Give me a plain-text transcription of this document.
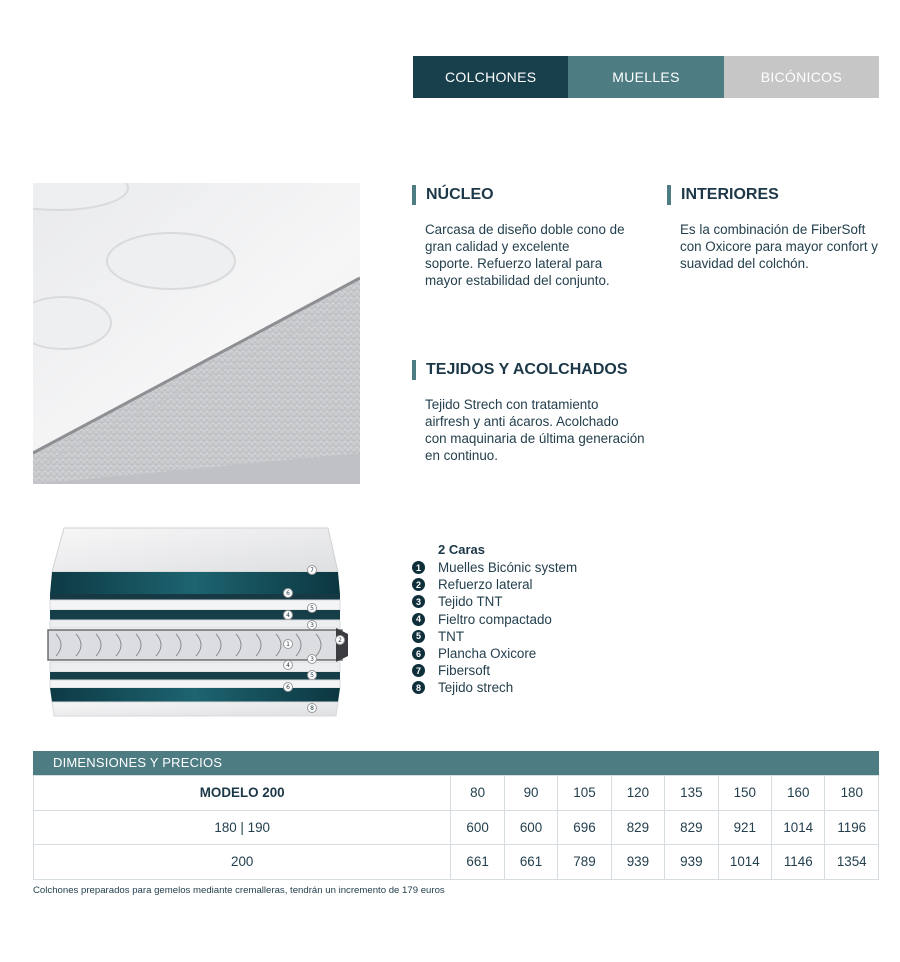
COLCHONES	MUELLES	BICÓNICOS
NÚCLEO

Carcasa de diseño doble cono de
gran calidad y excelente
soporte. Refuerzo lateral para
mayor estabilidad del conjunto.

INTERIORES

Es la combinación de FiberSoft
con Oxicore para mayor confort y
suavidad del colchón.

TEJIDOS Y ACOLCHADOS

Tejido Strech con tratamiento
airfresh y anti ácaros. Acolchado
con maquinaria de última generación
en continuo.

7
6
5
4
3
2
1
3
4
5
6
8
2 Caras
1 Muelles Bicónic system
2 Refuerzo lateral
3 Tejido TNT
4 Fieltro compactado
5 TNT
6 Plancha Oxicore
7 Fibersoft
8 Tejido strech
DIMENSIONES Y PRECIOS
MODELO 200	80	90	105	120	135	150	160	180
180 | 190	600	600	696	829	829	921	1014	1196
200	661	661	789	939	939	1014	1146	1354
Colchones preparados para gemelos mediante cremalleras, tendrán un incremento de 179 euros
